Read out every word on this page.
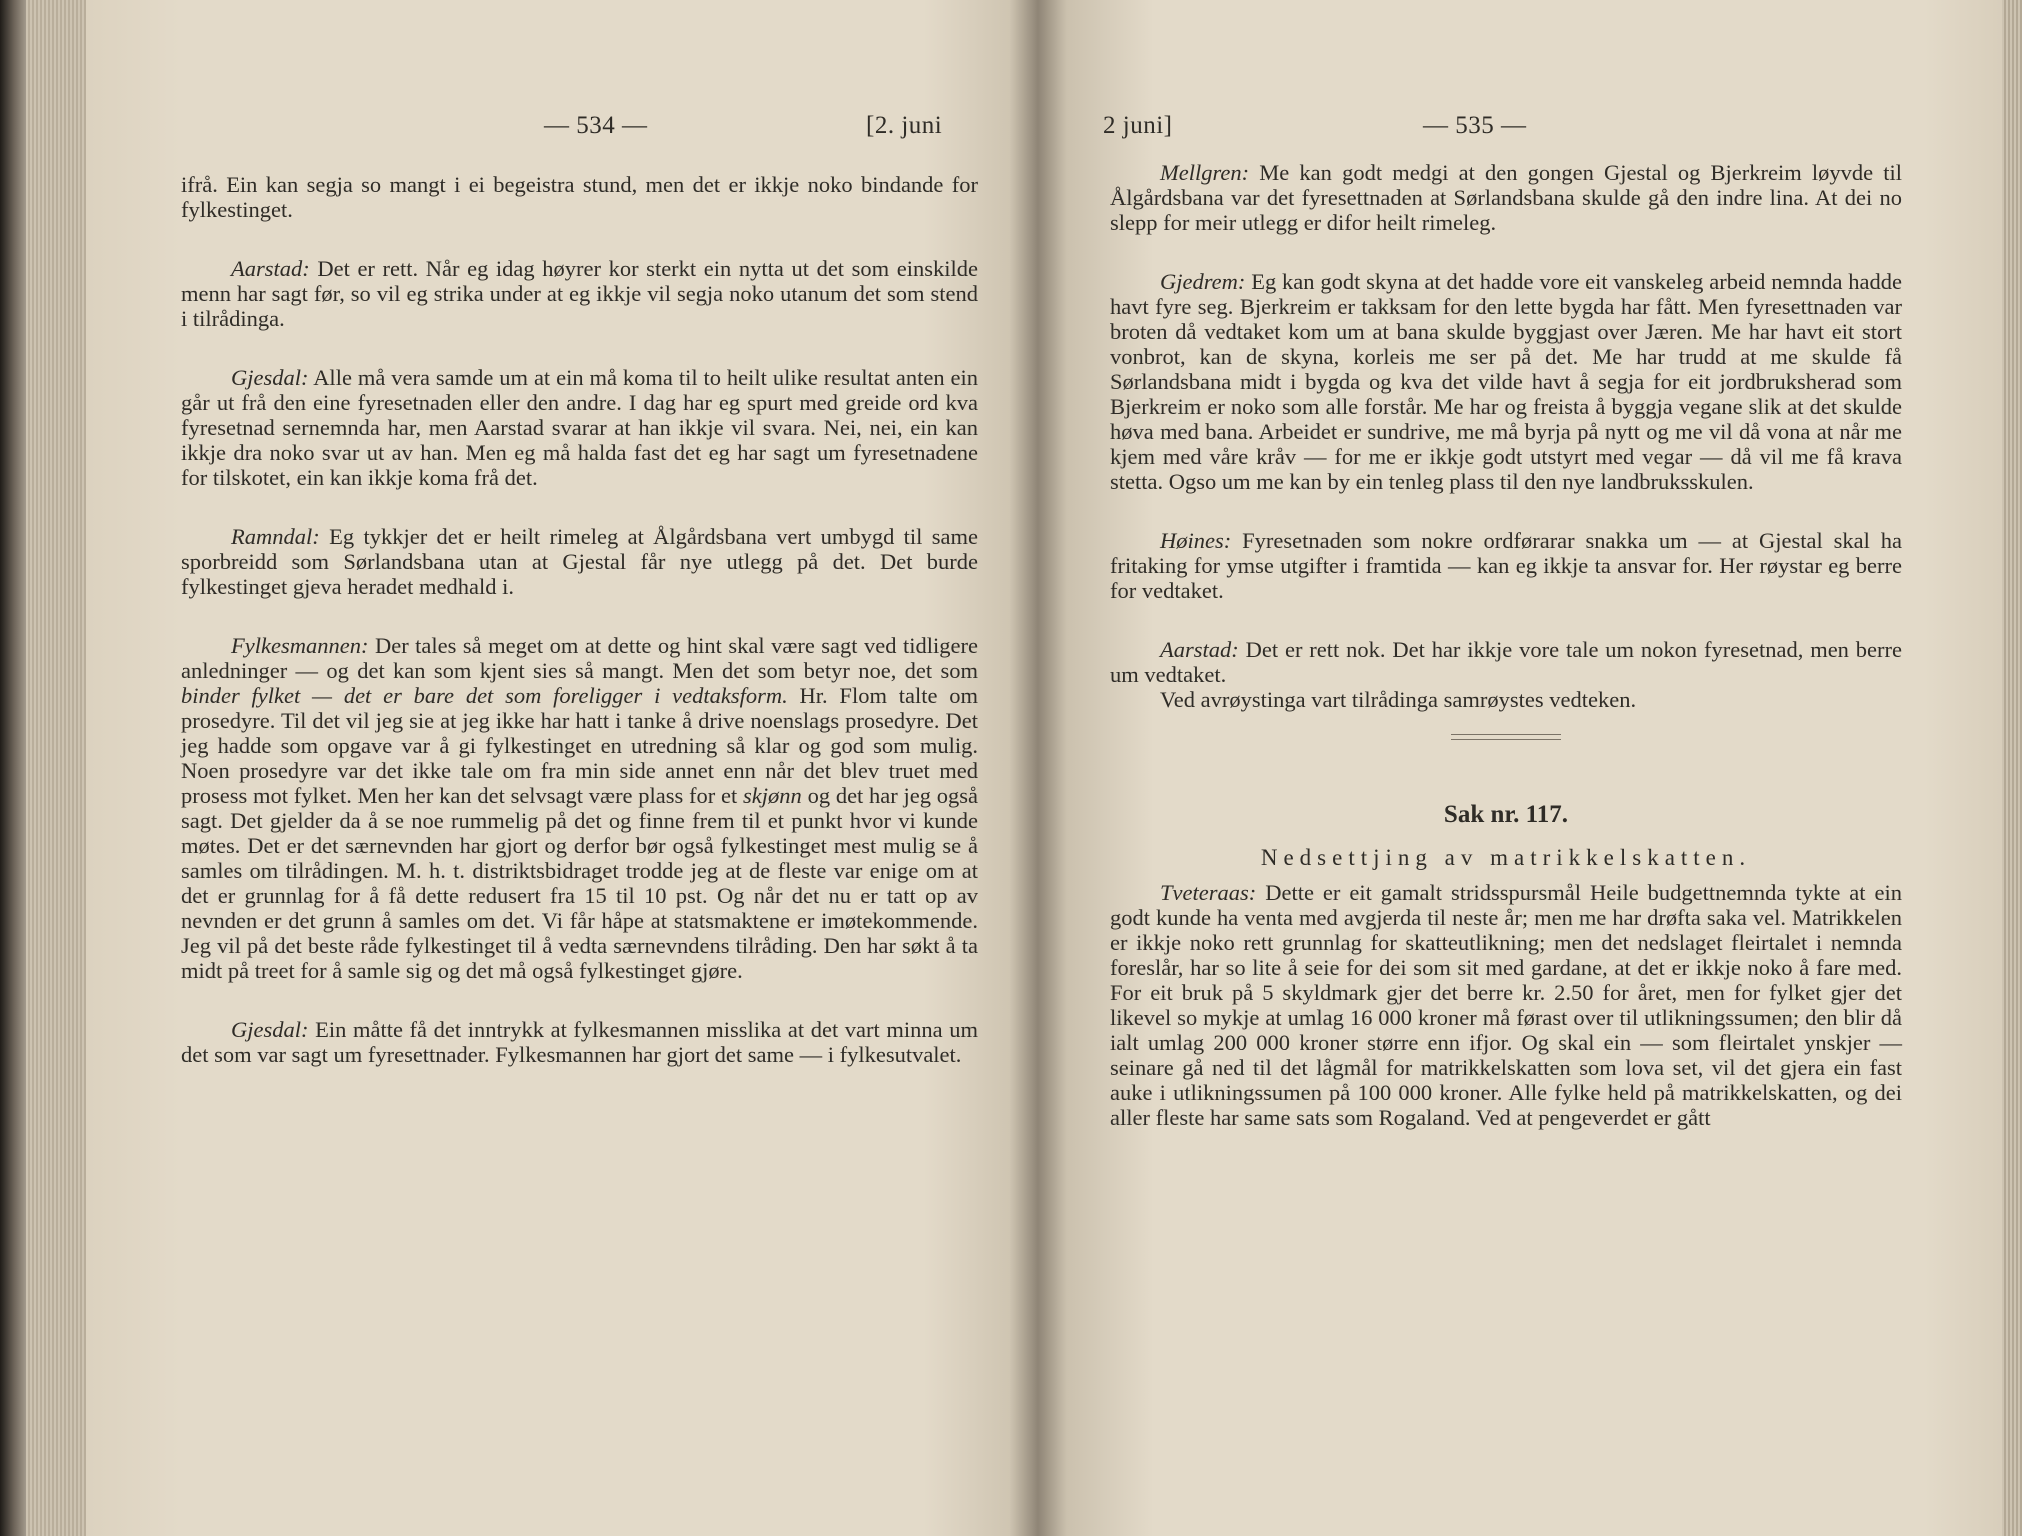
— 534 —	[2. juni

ifrå. Ein kan segja so mangt i ei begeistra stund, men det er ikkje noko bindande for fylkestinget.

Aarstad: Det er rett. Når eg idag høyrer kor sterkt ein nytta ut det som einskilde menn har sagt før, so vil eg strika under at eg ikkje vil segja noko utanum det som stend i tilrådinga.

Gjesdal: Alle må vera samde um at ein må koma til to heilt ulike resultat anten ein går ut frå den eine fyresetnaden eller den andre. I dag har eg spurt med greide ord kva fyresetnad sernemnda har, men Aarstad svarar at han ikkje vil svara. Nei, nei, ein kan ikkje dra noko svar ut av han. Men eg må halda fast det eg har sagt um fyresetnadene for tilskotet, ein kan ikkje koma frå det.

Ramndal: Eg tykkjer det er heilt rimeleg at Ålgårdsbana vert umbygd til same sporbreidd som Sørlandsbana utan at Gjestal får nye utlegg på det. Det burde fylkestinget gjeva heradet medhald i.

Fylkesmannen: Der tales så meget om at dette og hint skal være sagt ved tidligere anledninger — og det kan som kjent sies så mangt. Men det som betyr noe, det som binder fylket — det er bare det som foreligger i vedtaksform. Hr. Flom talte om prosedyre. Til det vil jeg sie at jeg ikke har hatt i tanke å drive noenslags prosedyre. Det jeg hadde som opgave var å gi fylkestinget en utredning så klar og god som mulig. Noen prosedyre var det ikke tale om fra min side annet enn når det blev truet med prosess mot fylket. Men her kan det selvsagt være plass for et skjønn og det har jeg også sagt. Det gjelder da å se noe rummelig på det og finne frem til et punkt hvor vi kunde møtes. Det er det særnevnden har gjort og derfor bør også fylkestinget mest mulig se å samles om tilrådingen. M. h. t. distriktsbidraget trodde jeg at de fleste var enige om at det er grunnlag for å få dette redusert fra 15 til 10 pst. Og når det nu er tatt op av nevnden er det grunn å samles om det. Vi får håpe at statsmaktene er imøtekommende. Jeg vil på det beste råde fylkestinget til å vedta særnevndens tilråding. Den har søkt å ta midt på treet for å samle sig og det må også fylkestinget gjøre.

Gjesdal: Ein måtte få det inntrykk at fylkesmannen misslika at det vart minna um det som var sagt um fyresettnader. Fylkesmannen har gjort det same — i fylkesutvalet.

2 juni]	— 535 —

Mellgren: Me kan godt medgi at den gongen Gjestal og Bjerkreim løyvde til Ålgårdsbana var det fyresettnaden at Sørlandsbana skulde gå den indre lina. At dei no slepp for meir utlegg er difor heilt rimeleg.

Gjedrem: Eg kan godt skyna at det hadde vore eit vanskeleg arbeid nemnda hadde havt fyre seg. Bjerkreim er takksam for den lette bygda har fått. Men fyresettnaden var broten då vedtaket kom um at bana skulde byggjast over Jæren. Me har havt eit stort vonbrot, kan de skyna, korleis me ser på det. Me har trudd at me skulde få Sørlandsbana midt i bygda og kva det vilde havt å segja for eit jordbruksherad som Bjerkreim er noko som alle forstår. Me har og freista å byggja vegane slik at det skulde høva med bana. Arbeidet er sundrive, me må byrja på nytt og me vil då vona at når me kjem med våre kråv — for me er ikkje godt utstyrt med vegar — då vil me få krava stetta. Ogso um me kan by ein tenleg plass til den nye landbruksskulen.

Høines: Fyresetnaden som nokre ordførarar snakka um — at Gjestal skal ha fritaking for ymse utgifter i framtida — kan eg ikkje ta ansvar for. Her røystar eg berre for vedtaket.

Aarstad: Det er rett nok. Det har ikkje vore tale um nokon fyresetnad, men berre um vedtaket.

Ved avrøystinga vart tilrådinga samrøystes vedteken.

Sak nr. 117.
Nedsettjing av matrikkelskatten.

Tveteraas: Dette er eit gamalt stridsspursmål Heile budgettnemnda tykte at ein godt kunde ha venta med avgjerda til neste år; men me har drøfta saka vel. Matrikkelen er ikkje noko rett grunnlag for skatteutlikning; men det nedslaget fleirtalet i nemnda foreslår, har so lite å seie for dei som sit med gardane, at det er ikkje noko å fare med. For eit bruk på 5 skyldmark gjer det berre kr. 2.50 for året, men for fylket gjer det likevel so mykje at umlag 16 000 kroner må førast over til utlikningssumen; den blir då ialt umlag 200 000 kroner større enn ifjor. Og skal ein — som fleirtalet ynskjer — seinare gå ned til det lågmål for matrikkelskatten som lova set, vil det gjera ein fast auke i utlikningssumen på 100 000 kroner. Alle fylke held på matrikkelskatten, og dei aller fleste har same sats som Rogaland. Ved at pengeverdet er gått
